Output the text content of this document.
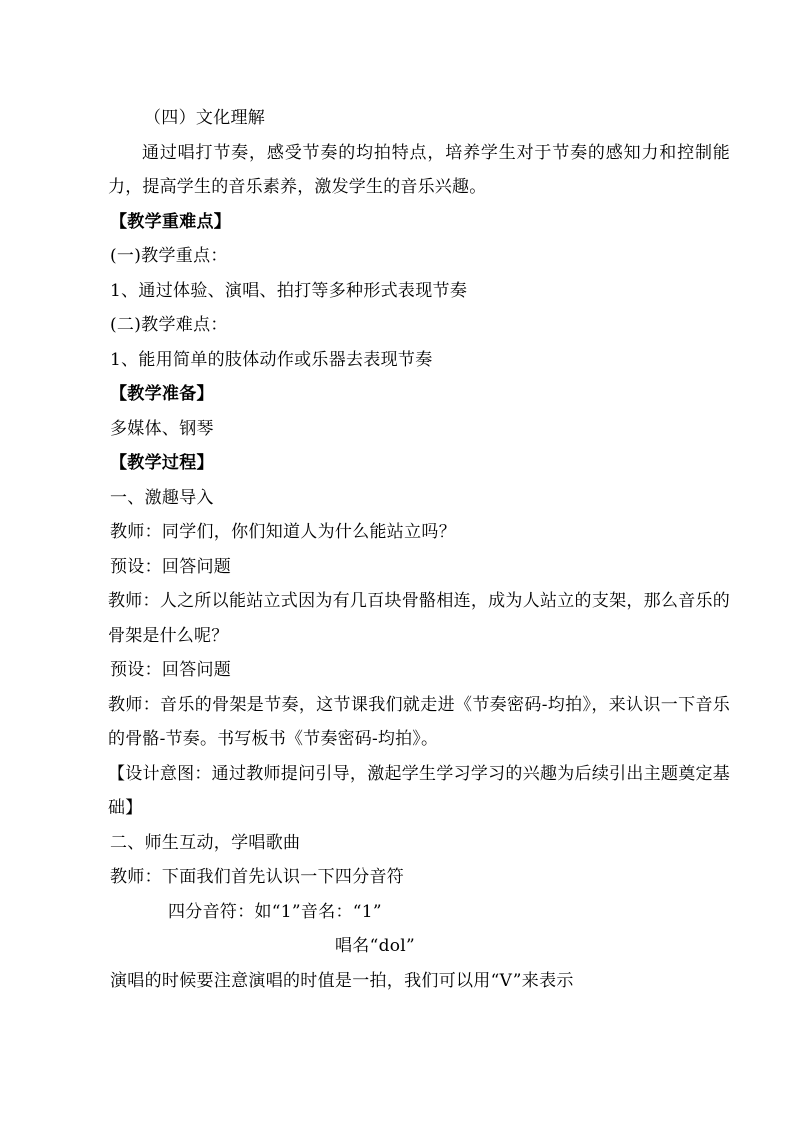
（四）文化理解

通过唱打节奏，感受节奏的均拍特点，培养学生对于节奏的感知力和控制能力，提高学生的音乐素养，激发学生的音乐兴趣。

【教学重难点】

(一)教学重点：

1、通过体验、演唱、拍打等多种形式表现节奏

(二)教学难点：

1、能用简单的肢体动作或乐器去表现节奏

【教学准备】

多媒体、钢琴

【教学过程】

一、激趣导入

教师：同学们，你们知道人为什么能站立吗？

预设：回答问题

教师：人之所以能站立式因为有几百块骨骼相连，成为人站立的支架，那么音乐的骨架是什么呢？

预设：回答问题

教师：音乐的骨架是节奏，这节课我们就走进《节奏密码-均拍》，来认识一下音乐的骨骼-节奏。书写板书《节奏密码-均拍》。

【设计意图：通过教师提问引导，激起学生学习学习的兴趣为后续引出主题奠定基础】

二、师生互动，学唱歌曲

教师：下面我们首先认识一下四分音符

四分音符：如“1”音名：“1”

唱名“dol”

演唱的时候要注意演唱的时值是一拍，我们可以用“V”来表示
